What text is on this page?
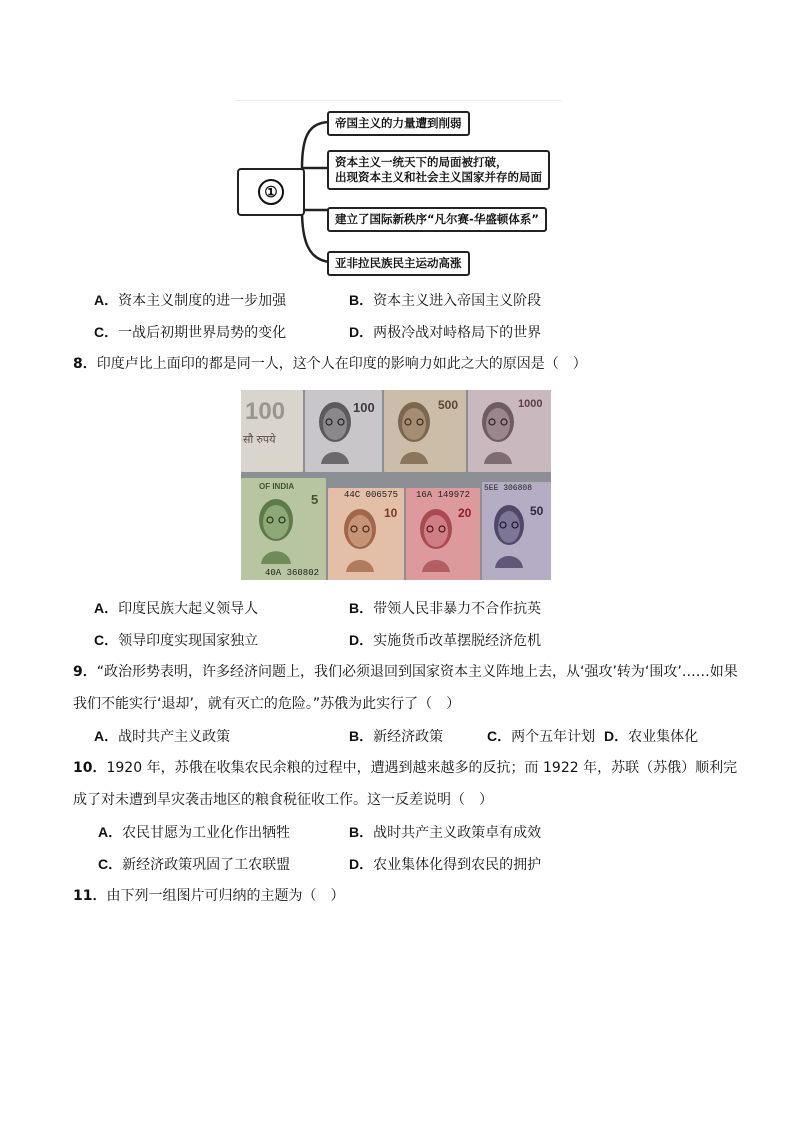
①
帝国主义的力量遭到削弱
资本主义一统天下的局面被打破，
出现资本主义和社会主义国家并存的局面
建立了国际新秩序“凡尔赛-华盛顿体系”
亚非拉民族民主运动高涨
A．资本主义制度的进一步加强	B．资本主义进入帝国主义阶段
C．一战后初期世界局势的变化	D．两极冷战对峙格局下的世界
8．印度卢比上面印的都是同一人，这个人在印度的影响力如此之大的原因是（　）
100
सौ रुपये
100	500	1000
OF INDIA
5
40A 360802
44C 006575
10
16A 149972
20
5EE 306808
50
A．印度民族大起义领导人	B．带领人民非暴力不合作抗英
C．领导印度实现国家独立	D．实施货币改革摆脱经济危机
9．“政治形势表明，许多经济问题上，我们必须退回到国家资本主义阵地上去，从‘强攻’转为‘围攻’……如果
我们不能实行‘退却’，就有灭亡的危险。”苏俄为此实行了（　）
A．战时共产主义政策	B．新经济政策	C．两个五年计划 D．农业集体化
10．1920 年，苏俄在收集农民余粮的过程中，遭遇到越来越多的反抗；而 1922 年，苏联（苏俄）顺利完
成了对未遭到旱灾袭击地区的粮食税征收工作。这一反差说明（　）
A．农民甘愿为工业化作出牺牲	B．战时共产主义政策卓有成效
C．新经济政策巩固了工农联盟	D．农业集体化得到农民的拥护
11．由下列一组图片可归纳的主题为（　）
